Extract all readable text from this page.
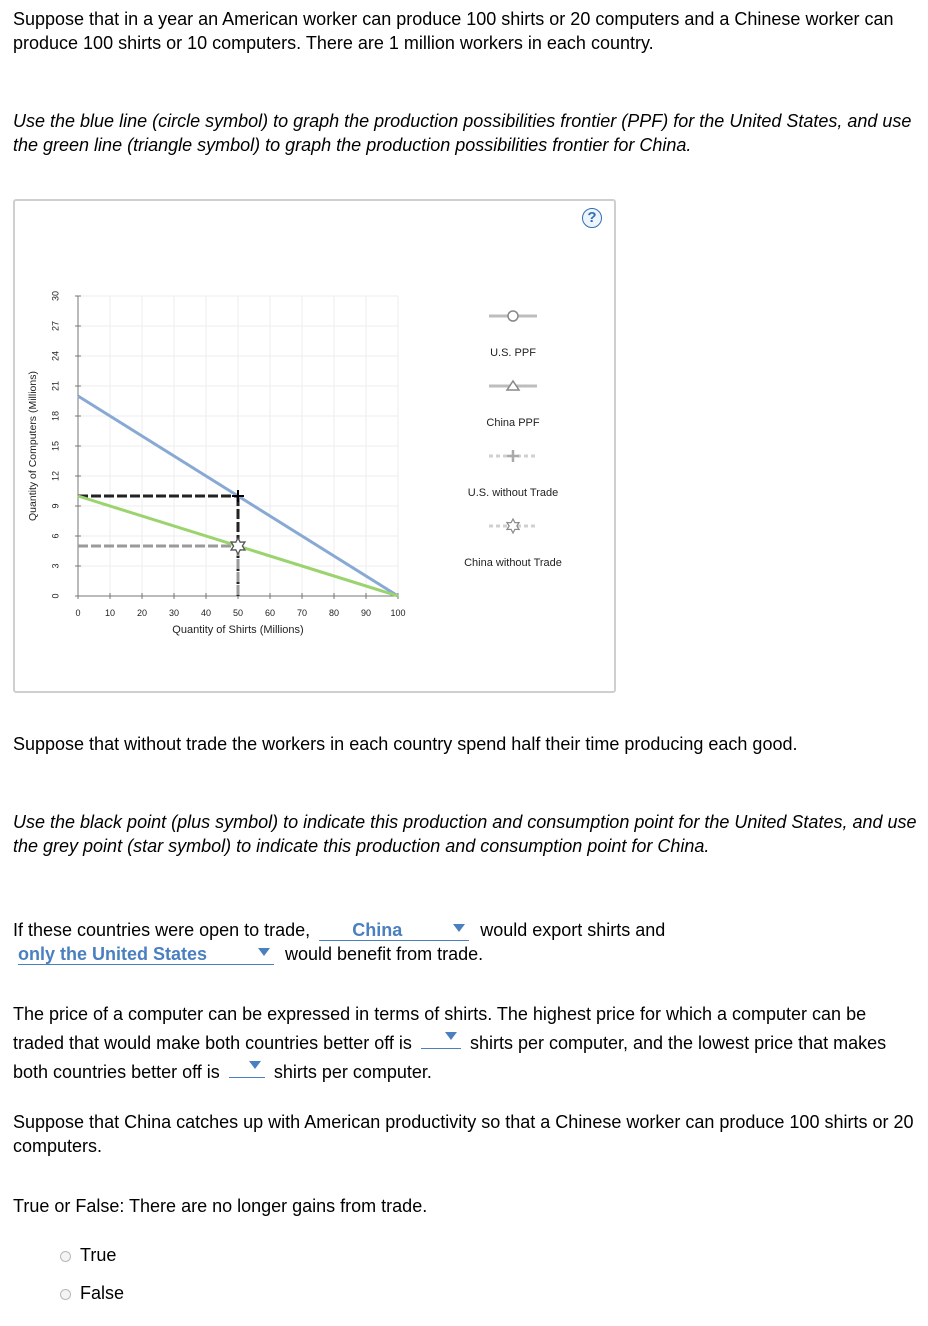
Suppose that in a year an American worker can produce 100 shirts or 20 computers and a Chinese worker can produce 100 shirts or 10 computers. There are 1 million workers in each country.

Use the blue line (circle symbol) to graph the production possibilities frontier (PPF) for the United States, and use the green line (triangle symbol) to graph the production possibilities frontier for China.

?
0	10 20 30 40 50 60 70 80 90 100
0
3
6
9
12
15
18
21
24
27
30
Quantity of Shirts (Millions)
Quantity of Computers (Millions)
U.S. PPF
China PPF
U.S. without Trade
China without Trade

Suppose that without trade the workers in each country spend half their time producing each good.

Use the black point (plus symbol) to indicate this production and consumption point for the United States, and use the grey point (star symbol) to indicate this production and consumption point for China.

If these countries were open to trade, China	would export shirts and
only the United States	would benefit from trade.

The price of a computer can be expressed in terms of shirts. The highest price for which a computer can be traded that would make both countries better off is	shirts per computer, and the lowest price that makes both countries better off is	shirts per computer.

Suppose that China catches up with American productivity so that a Chinese worker can produce 100 shirts or 20 computers.

True or False: There are no longer gains from trade.

True
False
